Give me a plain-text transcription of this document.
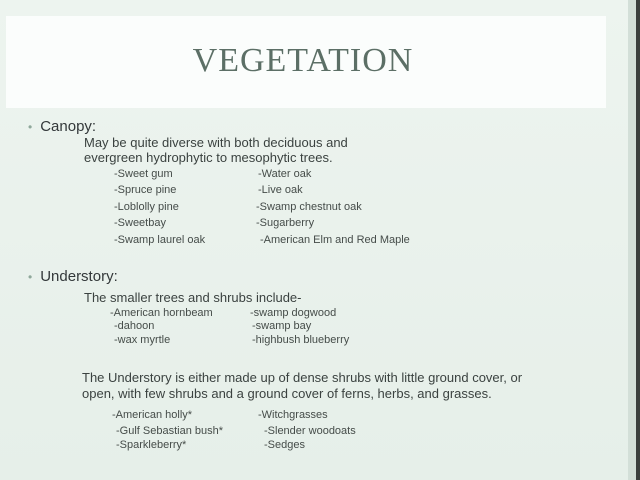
VEGETATION
• Canopy:
May be quite diverse with both deciduous and
evergreen hydrophytic to mesophytic trees.
-Sweet gum
-Spruce pine
-Loblolly pine
-Sweetbay
-Swamp laurel oak
-Water oak
-Live oak
-Swamp chestnut oak
-Sugarberry
-American Elm and Red Maple
• Understory:
The smaller trees and shrubs include-
-American hornbeam
-dahoon
-wax myrtle
-swamp dogwood
-swamp bay
-highbush blueberry
The Understory is either made up of dense shrubs with little ground cover, or
open, with few shrubs and a ground cover of ferns, herbs, and grasses.
-American holly*
-Gulf Sebastian bush*
-Sparkleberry*
-Witchgrasses
-Slender woodoats
-Sedges
